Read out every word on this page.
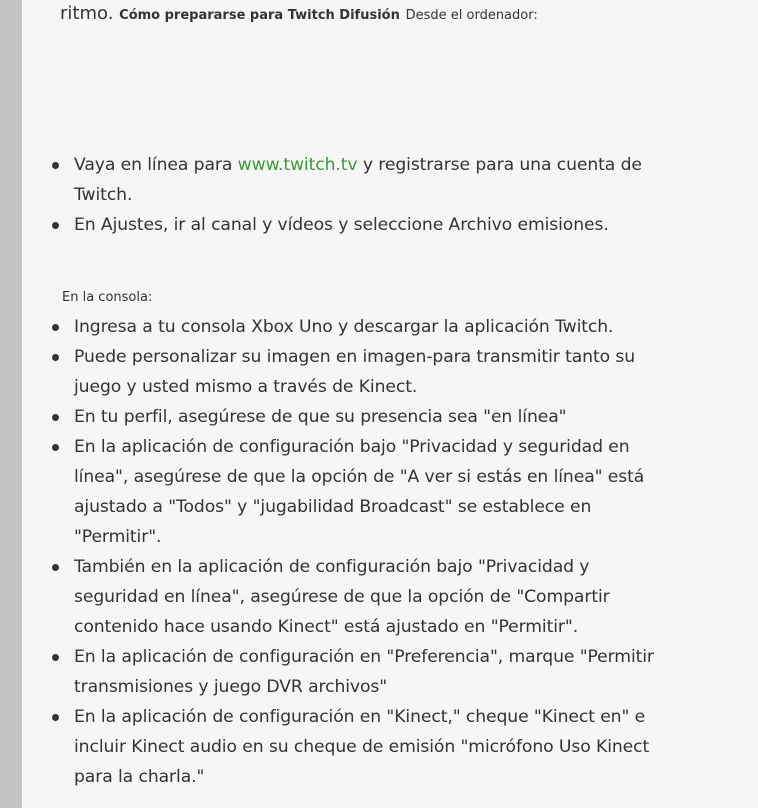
ritmo. Cómo prepararse para Twitch Difusión Desde el ordenador:
Vaya en línea para www.twitch.tv y registrarse para una cuenta de Twitch.
En Ajustes, ir al canal y vídeos y seleccione Archivo emisiones.
En la consola:
Ingresa a tu consola Xbox Uno y descargar la aplicación Twitch.
Puede personalizar su imagen en imagen-para transmitir tanto su juego y usted mismo a través de Kinect.
En tu perfil, asegúrese de que su presencia sea "en línea"
En la aplicación de configuración bajo "Privacidad y seguridad en línea", asegúrese de que la opción de "A ver si estás en línea" está ajustado a "Todos" y "jugabilidad Broadcast" se establece en "Permitir".
También en la aplicación de configuración bajo "Privacidad y seguridad en línea", asegúrese de que la opción de "Compartir contenido hace usando Kinect" está ajustado en "Permitir".
En la aplicación de configuración en "Preferencia", marque "Permitir transmisiones y juego DVR archivos"
En la aplicación de configuración en "Kinect," cheque "Kinect en" e incluir Kinect audio en su cheque de emisión "micrófono Uso Kinect para la charla."
